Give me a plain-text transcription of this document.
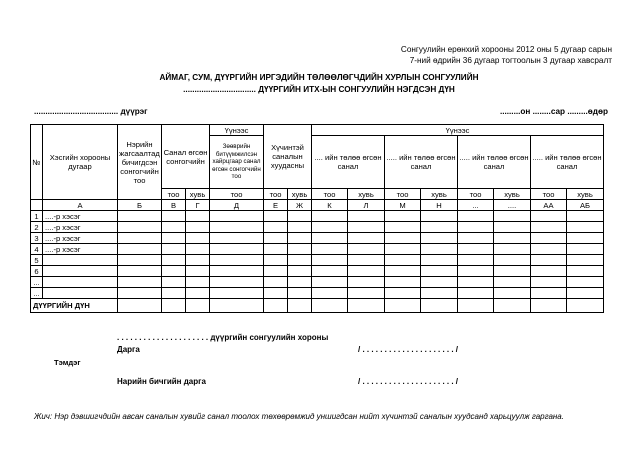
Сонгуулийн ерөнхий хорооны 2012 оны 5 дугаар сарын
7-ний өдрийн 36 дугаар тогтоолын 3 дугаар хавсралт
АЙМАГ, СУМ, ДҮҮРГИЙН ИРГЭДИЙН ТӨЛӨӨЛӨГЧДИЙН ХУРЛЫН СОНГУУЛИЙН
................................ ДҮҮРГИЙН ИТХ-ЫН СОНГУУЛИЙН НЭГДСЭН ДҮН
..................................... дүүрэг	.........он ........сар .........өдөр
№	Хэсгийн хорооны дугаар	Нэрийн жагсаалтад бичигдсэн сонгогчийн тоо	Санал өгсөн сонгогчийн		Үүнээс	Хүчинтэй саналын хуудасны		Үүнээс							
					Зөөврийн битүүмжилсэн хайрцгаар санал өгсөн сонгогчийн тоо			.... ийн төлөө өгсөн санал		..... ийн төлөө өгсөн санал		..... ийн төлөө өгсөн санал		..... ийн төлөө өгсөн санал	
			тоо	хувь	тоо	тоо	хувь	тоо	хувь	тоо	хувь	тоо	хувь	тоо	хувь
	А	Б	В	Г	Д	Е	Ж	К	Л	М	Н	...	....	АА	АБ
1	....-р хэсэг														
2	....-р хэсэг														
3	....-р хэсэг														
4	....-р хэсэг														
5															
6															
...															
...															
ДҮҮРГИЙН ДҮН															
. . . . . . . . . . . . . . . . . . . . . дүүргийн сонгуулийн хороны
Дарга	/ . . . . . . . . . . . . . . . . . . . . . /
Тэмдэг
Нарийн бичгийн дарга	/ . . . . . . . . . . . . . . . . . . . . . /
Жич: Нэр дэвшигчдийн авсан саналын хувийг санал тоолох төхөөрөмжид уншигдсан нийт хүчинтэй саналын хуудсанд харьцуулж гаргана.
